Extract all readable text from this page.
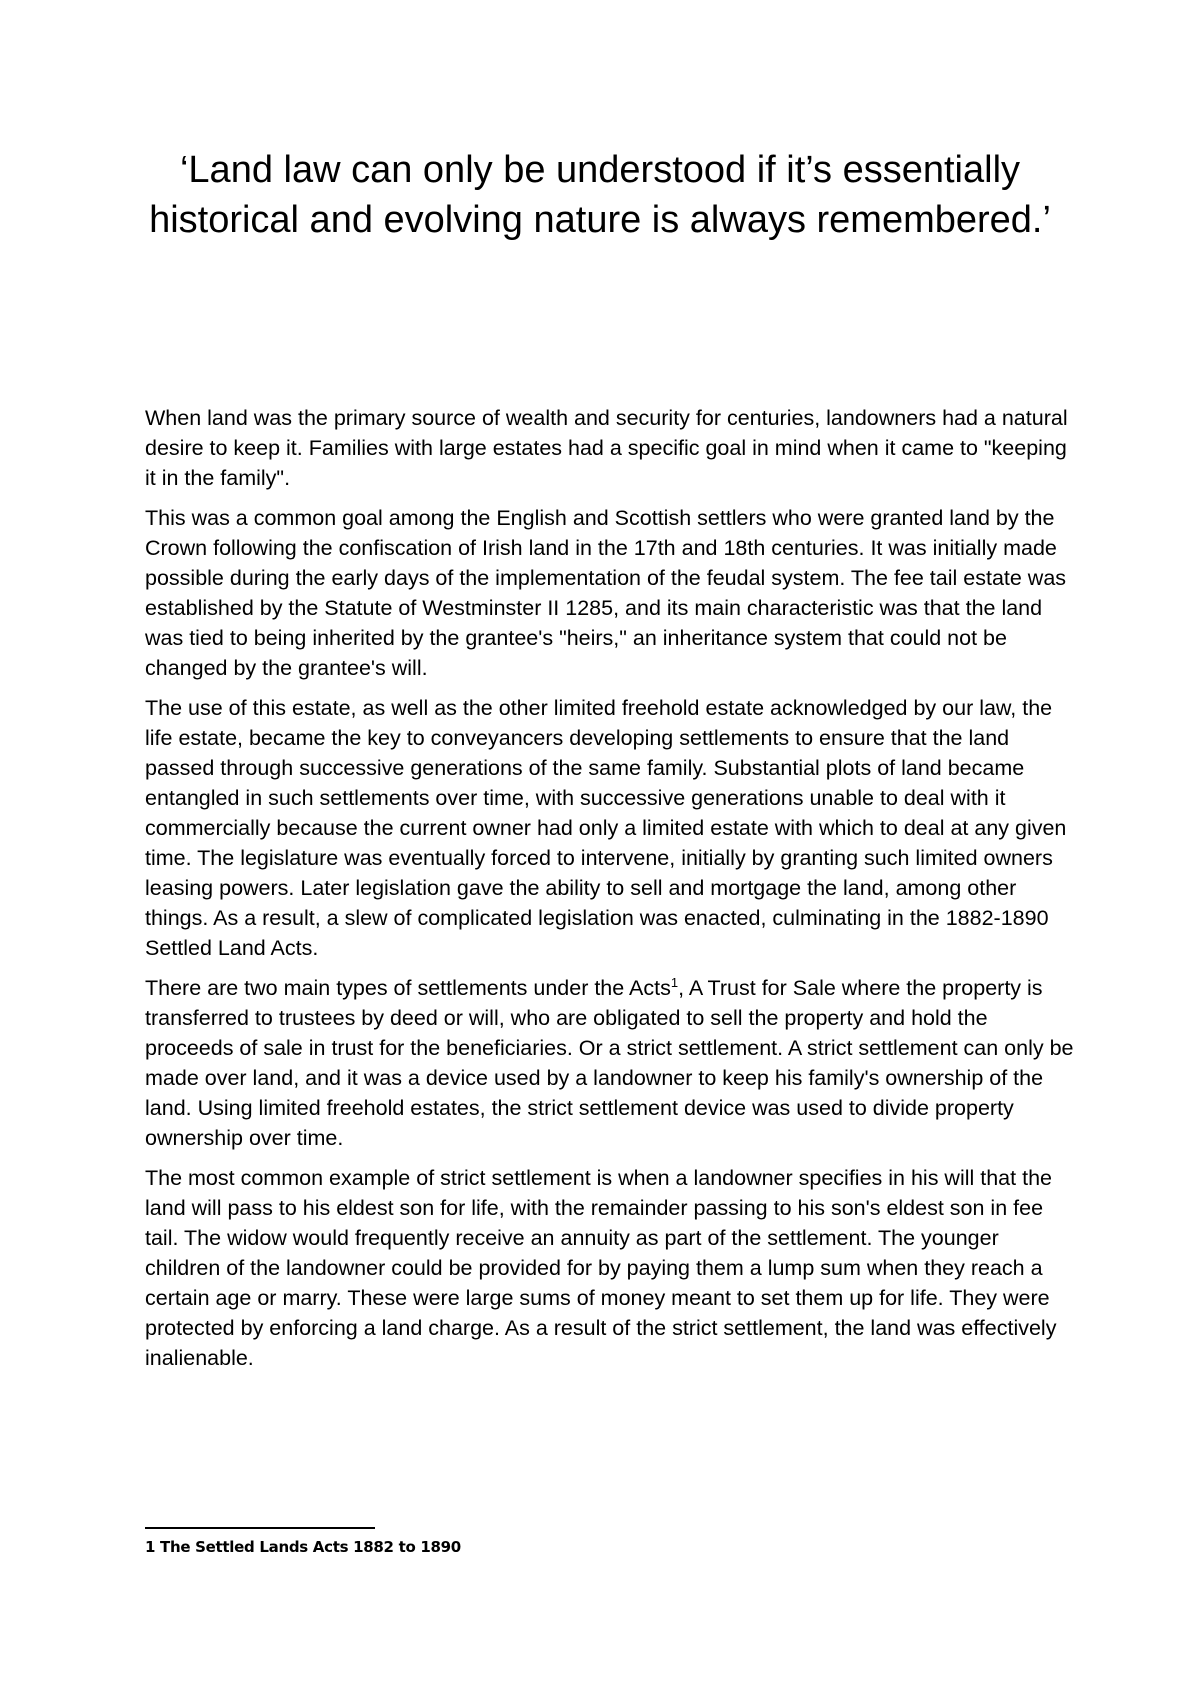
‘Land law can only be understood if it’s essentially historical and evolving nature is always remembered.’

When land was the primary source of wealth and security for centuries, landowners had a natural desire to keep it. Families with large estates had a specific goal in mind when it came to "keeping it in the family".

This was a common goal among the English and Scottish settlers who were granted land by the Crown following the confiscation of Irish land in the 17th and 18th centuries. It was initially made possible during the early days of the implementation of the feudal system. The fee tail estate was established by the Statute of Westminster II 1285, and its main characteristic was that the land was tied to being inherited by the grantee's "heirs," an inheritance system that could not be changed by the grantee's will.

The use of this estate, as well as the other limited freehold estate acknowledged by our law, the life estate, became the key to conveyancers developing settlements to ensure that the land passed through successive generations of the same family. Substantial plots of land became entangled in such settlements over time, with successive generations unable to deal with it commercially because the current owner had only a limited estate with which to deal at any given time. The legislature was eventually forced to intervene, initially by granting such limited owners leasing powers. Later legislation gave the ability to sell and mortgage the land, among other things. As a result, a slew of complicated legislation was enacted, culminating in the 1882-1890 Settled Land Acts.

There are two main types of settlements under the Acts$^1$, A Trust for Sale where the property is transferred to trustees by deed or will, who are obligated to sell the property and hold the proceeds of sale in trust for the beneficiaries. Or a strict settlement. A strict settlement can only be made over land, and it was a device used by a landowner to keep his family's ownership of the land. Using limited freehold estates, the strict settlement device was used to divide property ownership over time.

The most common example of strict settlement is when a landowner specifies in his will that the land will pass to his eldest son for life, with the remainder passing to his son's eldest son in fee tail. The widow would frequently receive an annuity as part of the settlement. The younger children of the landowner could be provided for by paying them a lump sum when they reach a certain age or marry. These were large sums of money meant to set them up for life. They were protected by enforcing a land charge. As a result of the strict settlement, the land was effectively inalienable.

1 The Settled Lands Acts 1882 to 1890
